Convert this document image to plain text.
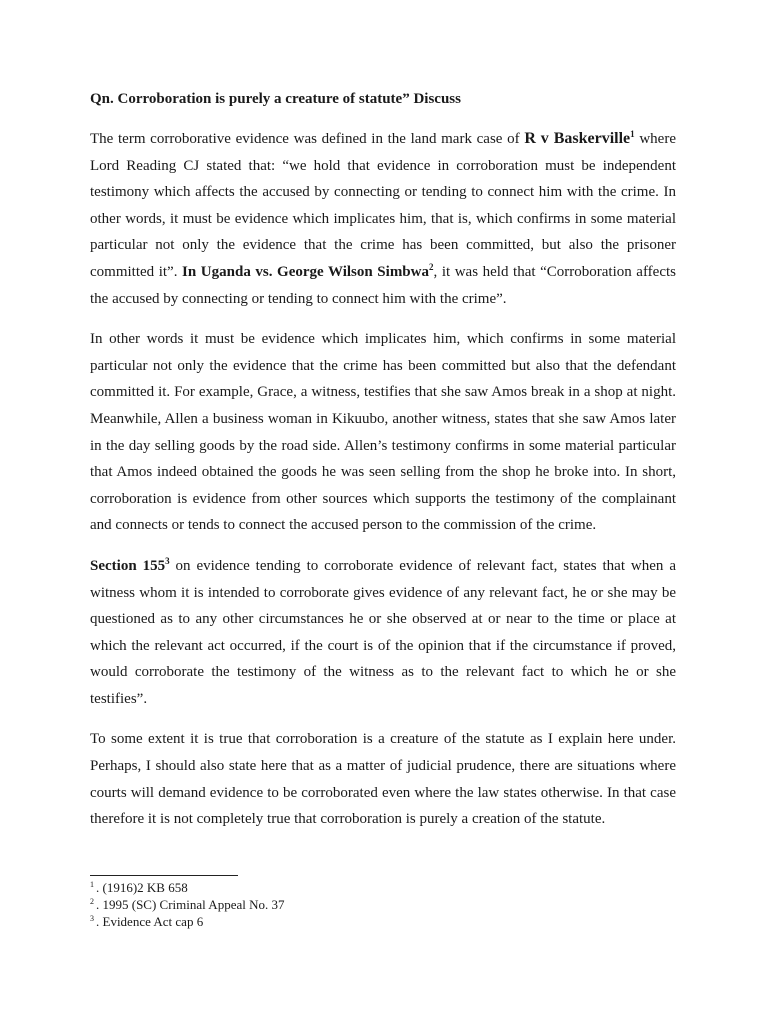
Qn. Corroboration is purely a creature of statute” Discuss

The term corroborative evidence was defined in the land mark case of R v Baskerville$^1$ where Lord Reading CJ stated that: “we hold that evidence in corroboration must be independent testimony which affects the accused by connecting or tending to connect him with the crime. In other words, it must be evidence which implicates him, that is, which confirms in some material particular not only the evidence that the crime has been committed, but also the prisoner committed it”. In Uganda vs. George Wilson Simbwa$^2$, it was held that “Corroboration affects the accused by connecting or tending to connect him with the crime”.

In other words it must be evidence which implicates him, which confirms in some material particular not only the evidence that the crime has been committed but also that the defendant committed it. For example, Grace, a witness, testifies that she saw Amos break in a shop at night. Meanwhile, Allen a business woman in Kikuubo, another witness, states that she saw Amos later in the day selling goods by the road side. Allen’s testimony confirms in some material particular that Amos indeed obtained the goods he was seen selling from the shop he broke into. In short, corroboration is evidence from other sources which supports the testimony of the complainant and connects or tends to connect the accused person to the commission of the crime.

Section $155^3$ on evidence tending to corroborate evidence of relevant fact, states that when a witness whom it is intended to corroborate gives evidence of any relevant fact, he or she may be questioned as to any other circumstances he or she observed at or near to the time or place at which the relevant act occurred, if the court is of the opinion that if the circumstance if proved, would corroborate the testimony of the witness as to the relevant fact to which he or she testifies”.

To some extent it is true that corroboration is a creature of the statute as I explain here under. Perhaps, I should also state here that as a matter of judicial prudence, there are situations where courts will demand evidence to be corroborated even where the law states otherwise. In that case therefore it is not completely true that corroboration is purely a creation of the statute.

$^1$ . (1916)2 KB 658
$^2$ . 1995 (SC) Criminal Appeal No. 37
$^3$ . Evidence Act cap 6
